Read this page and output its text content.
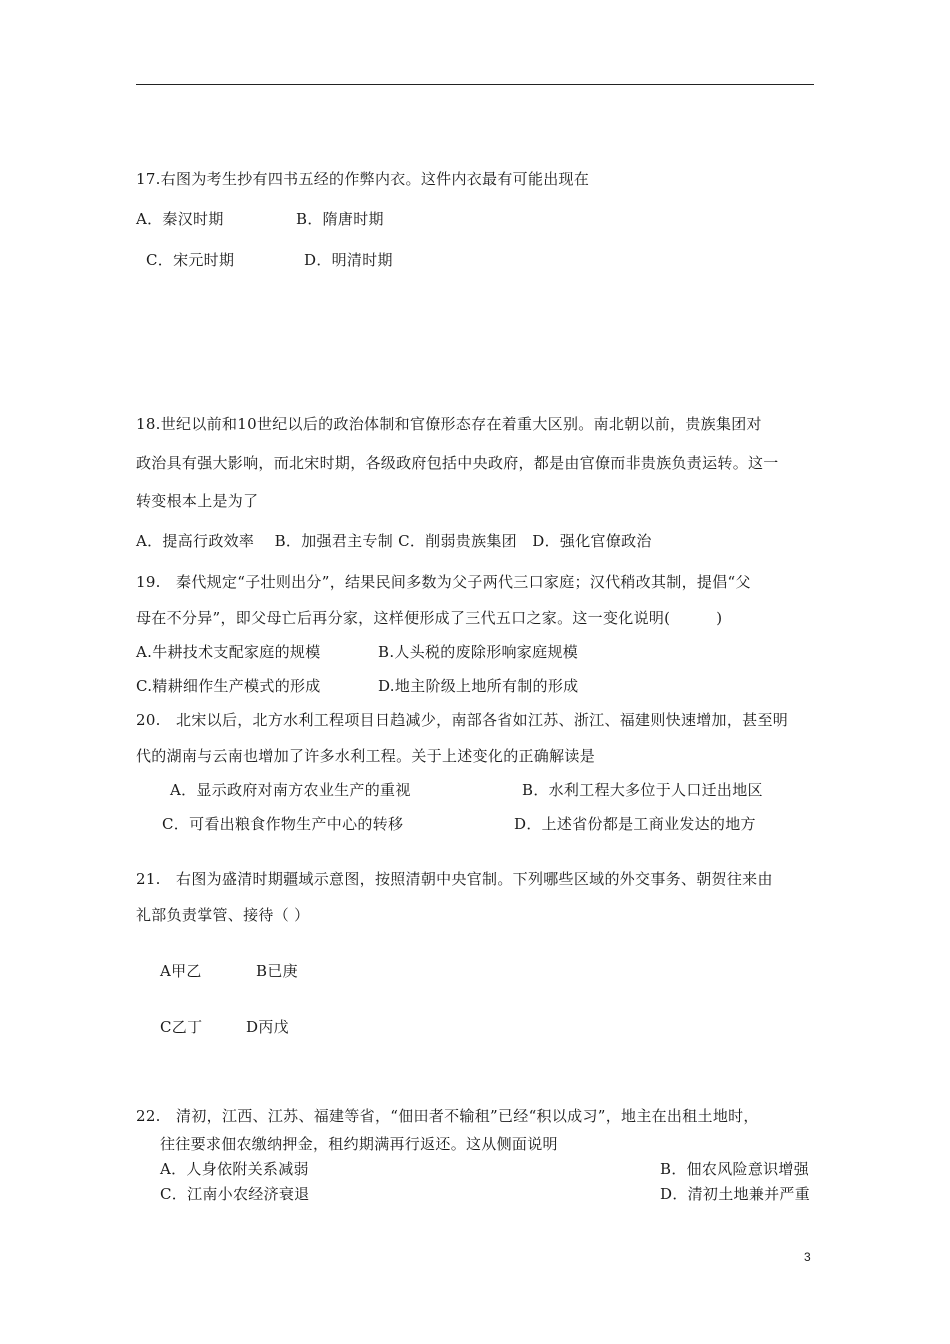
17.右图为考生抄有四书五经的作弊内衣。这件内衣最有可能出现在
A．秦汉时期	B．隋唐时期
C．宋元时期	D．明清时期
18.世纪以前和10世纪以后的政治体制和官僚形态存在着重大区别。南北朝以前，贵族集团对
政治具有强大影响，而北宋时期，各级政府包括中央政府，都是由官僚而非贵族负责运转。这一
转变根本上是为了
A．提高行政效率　 B．加强君主专制 C．削弱贵族集团　D．强化官僚政治
19.　秦代规定“子壮则出分”，结果民间多数为父子两代三口家庭；汉代稍改其制，提倡“父
母在不分异”，即父母亡后再分家，这样便形成了三代五口之家。这一变化说明(　　　)
A.牛耕技术支配家庭的规模	B.人头税的废除形响家庭规模
C.精耕细作生产模式的形成	D.地主阶级上地所有制的形成
20.　北宋以后，北方水利工程项目日趋减少，南部各省如江苏、浙江、福建则快速增加，甚至明
代的湖南与云南也增加了许多水利工程。关于上述变化的正确解读是
A．显示政府对南方农业生产的重视	B．水利工程大多位于人口迁出地区
C．可看出粮食作物生产中心的转移	D．上述省份都是工商业发达的地方
21.　右图为盛清时期疆域示意图，按照清朝中央官制。下列哪些区域的外交事务、朝贺往来由
礼部负责掌管、接待（ ）
A甲乙	B已庚
C乙丁	D丙戊
22.　清初，江西、江苏、福建等省，“佃田者不输租”已经“积以成习”，地主在出租土地时，
往往要求佃农缴纳押金，租约期满再行返还。这从侧面说明
A．人身依附关系减弱	B．佃农风险意识增强
C．江南小农经济衰退	D．清初土地兼并严重
3
